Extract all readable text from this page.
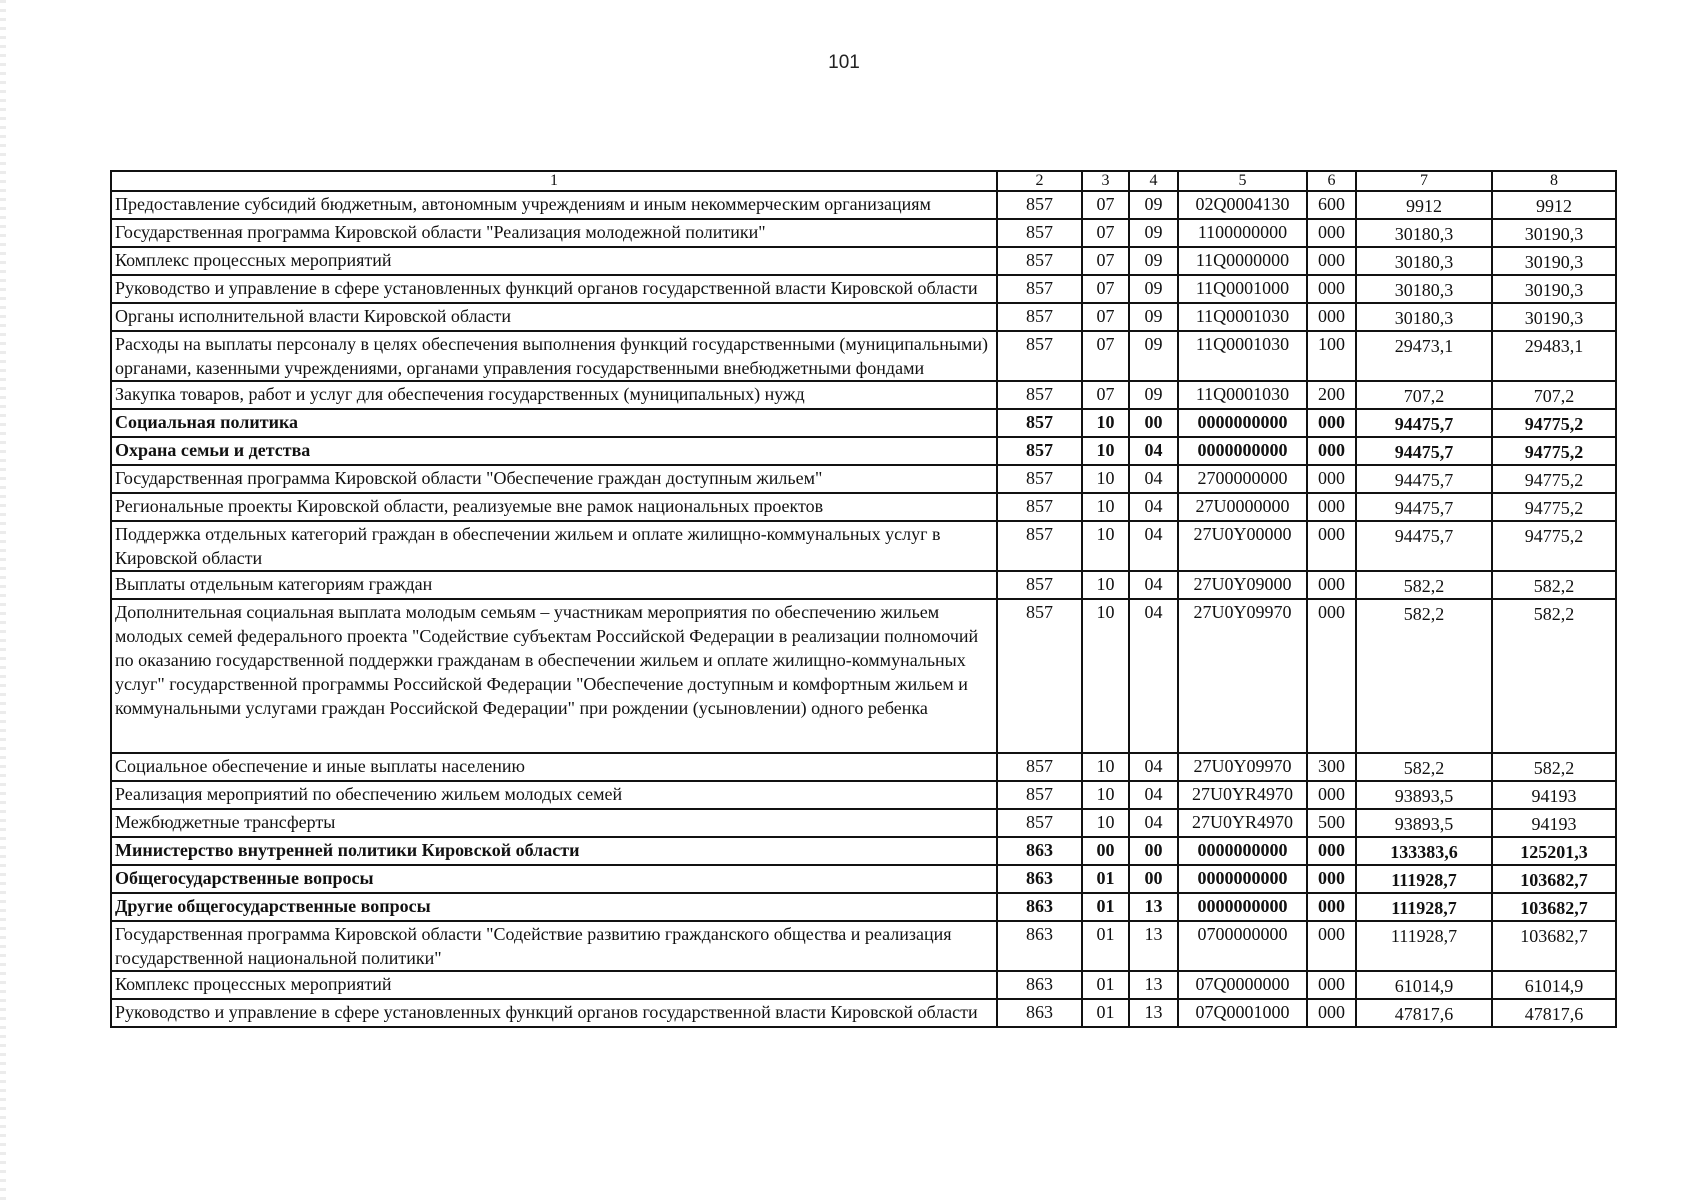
101
1	2	3	4	5	6	7	8
Предоставление субсидий бюджетным, автономным учреждениям и иным некоммерческим организациям	857	07	09	02Q0004130	600	9912	9912
Государственная программа Кировской области "Реализация молодежной политики"	857	07	09	1100000000	000	30180,3	30190,3
Комплекс процессных мероприятий	857	07	09	11Q0000000	000	30180,3	30190,3
Руководство и управление в сфере установленных функций органов государственной власти Кировской области	857	07	09	11Q0001000	000	30180,3	30190,3
Органы исполнительной власти Кировской области	857	07	09	11Q0001030	000	30180,3	30190,3
Расходы на выплаты персоналу в целях обеспечения выполнения функций государственными (муниципальными) органами, казенными учреждениями, органами управления государственными внебюджетными фондами	857	07	09	11Q0001030	100	29473,1	29483,1
Закупка товаров, работ и услуг для обеспечения государственных (муниципальных) нужд	857	07	09	11Q0001030	200	707,2	707,2
Социальная политика	857	10	00	0000000000	000	94475,7	94775,2
Охрана семьи и детства	857	10	04	0000000000	000	94475,7	94775,2
Государственная программа Кировской области "Обеспечение граждан доступным жильем"	857	10	04	2700000000	000	94475,7	94775,2
Региональные проекты Кировской области, реализуемые вне рамок национальных проектов	857	10	04	27U0000000	000	94475,7	94775,2
Поддержка отдельных категорий граждан в обеспечении жильем и оплате жилищно-коммунальных услуг в Кировской области	857	10	04	27U0Y00000	000	94475,7	94775,2
Выплаты отдельным категориям граждан	857	10	04	27U0Y09000	000	582,2	582,2
Дополнительная социальная выплата молодым семьям – участникам мероприятия по обеспечению жильем молодых семей федерального проекта "Содействие субъектам Российской Федерации в реализации полномочий по оказанию государственной поддержки гражданам в обеспечении жильем и оплате жилищно-коммунальных услуг" государственной программы Российской Федерации "Обеспечение доступным и комфортным жильем и коммунальными услугами граждан Российской Федерации" при рождении (усыновлении) одного ребенка	857	10	04	27U0Y09970	000	582,2	582,2
Социальное обеспечение и иные выплаты населению	857	10	04	27U0Y09970	300	582,2	582,2
Реализация мероприятий по обеспечению жильем молодых семей	857	10	04	27U0YR4970	000	93893,5	94193
Межбюджетные трансферты	857	10	04	27U0YR4970	500	93893,5	94193
Министерство внутренней политики Кировской области	863	00	00	0000000000	000	133383,6	125201,3
Общегосударственные вопросы	863	01	00	0000000000	000	111928,7	103682,7
Другие общегосударственные вопросы	863	01	13	0000000000	000	111928,7	103682,7
Государственная программа Кировской области "Содействие развитию гражданского общества и реализация государственной национальной политики"	863	01	13	0700000000	000	111928,7	103682,7
Комплекс процессных мероприятий	863	01	13	07Q0000000	000	61014,9	61014,9
Руководство и управление в сфере установленных функций органов государственной власти Кировской области	863	01	13	07Q0001000	000	47817,6	47817,6
